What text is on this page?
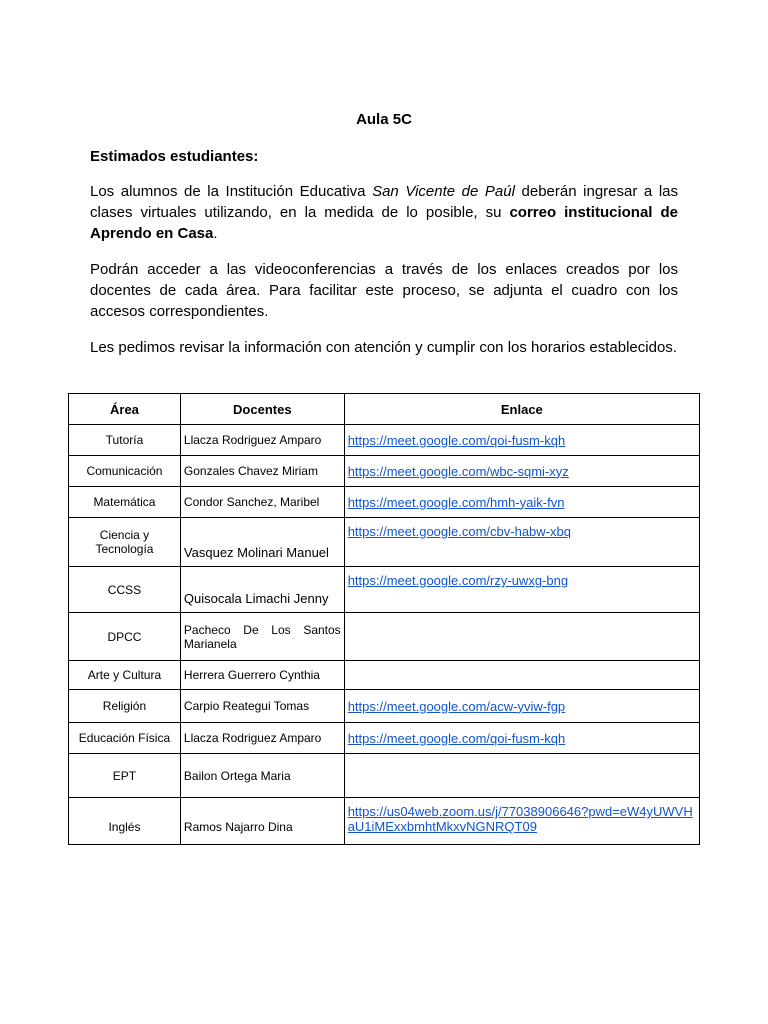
Aula 5C
Estimados estudiantes:

Los alumnos de la Institución Educativa San Vicente de Paúl deberán ingresar a las clases virtuales utilizando, en la medida de lo posible, su correo institucional de Aprendo en Casa.

Podrán acceder a las videoconferencias a través de los enlaces creados por los docentes de cada área. Para facilitar este proceso, se adjunta el cuadro con los accesos correspondientes.

Les pedimos revisar la información con atención y cumplir con los horarios establecidos.

Área	Docentes	Enlace
Tutoría	Llacza Rodriguez Amparo	https://meet.google.com/qoi-fusm-kqh
Comunicación	Gonzales Chavez Miriam	https://meet.google.com/wbc-sqmi-xyz
Matemática	Condor Sanchez, Maribel	https://meet.google.com/hmh-yaik-fvn
Ciencia y Tecnología	Vasquez Molinari Manuel	https://meet.google.com/cbv-habw-xbq
CCSS	Quisocala Limachi Jenny	https://meet.google.com/rzy-uwxg-bng
DPCC	Pacheco De Los Santos Marianela	
Arte y Cultura	Herrera Guerrero Cynthia	
Religión	Carpio Reategui Tomas	https://meet.google.com/acw-yviw-fgp
Educación Física	Llacza Rodriguez Amparo	https://meet.google.com/qoi-fusm-kqh
EPT	Bailon Ortega Maria	
Inglés	Ramos Najarro Dina	https://us04web.zoom.us/j/77038906646?pwd=eW4yUWVHaU1iMExxbmhtMkxvNGNRQT09
